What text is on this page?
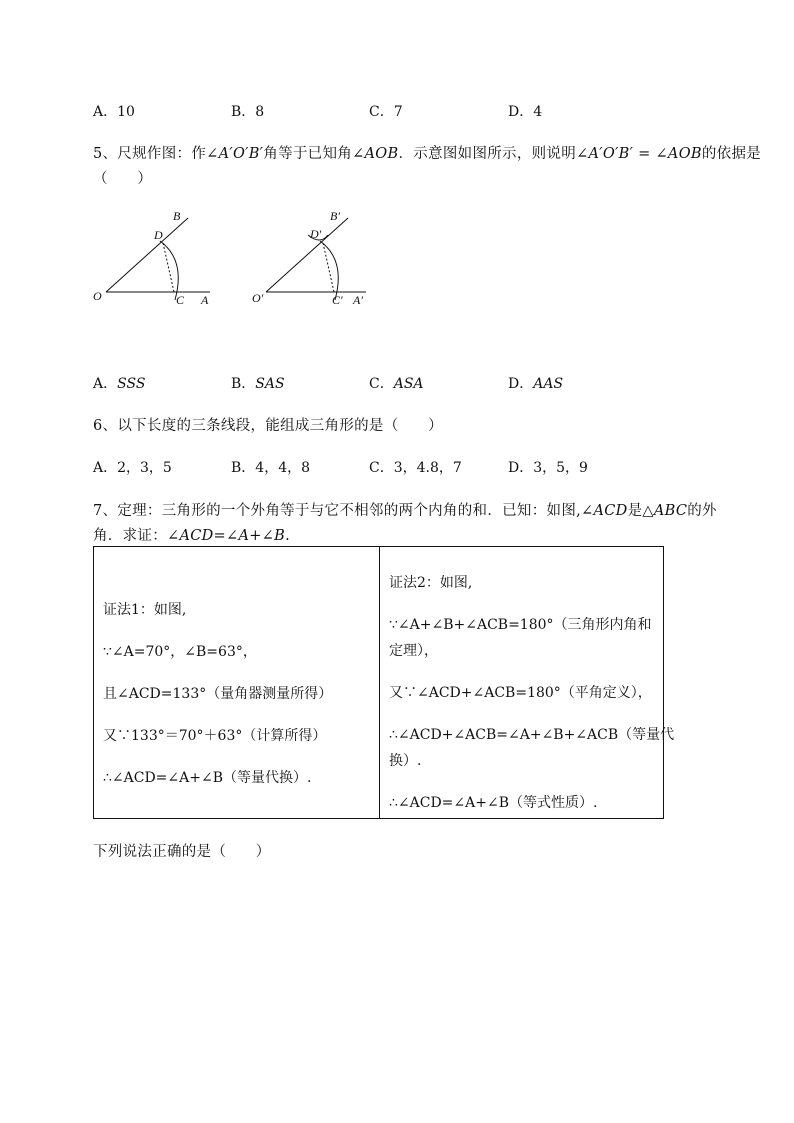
A．10	B．8	C．7	D．4
5、尺规作图：作∠A′O′B′角等于已知角∠AOB．示意图如图所示，则说明∠A′O′B′ = ∠AOB的依据是
（　　）
B
D
O	C A
B′
D′
O′	C′ A′
A．SSS	B．SAS	C．ASA	D．AAS
6、以下长度的三条线段，能组成三角形的是（　　）
A．2，3，5	B．4，4，8	C．3，4.8，7	D．3，5，9
7、定理：三角形的一个外角等于与它不相邻的两个内角的和．已知：如图,∠ACD是△ABC的外
角．求证：∠ACD=∠A+∠B.
证法1：如图,
∵∠A=70°，∠B=63°，
且∠ACD=133°（量角器测量所得）
又∵133°＝70°＋63°（计算所得）
∴∠ACD=∠A+∠B（等量代换）.

证法2：如图,
∵∠A+∠B+∠ACB=180°（三角形内角和
定理），
又∵∠ACD+∠ACB=180°（平角定义），
∴∠ACD+∠ACB=∠A+∠B+∠ACB（等量代
换）.
∴∠ACD=∠A+∠B（等式性质）.
下列说法正确的是（　　）
